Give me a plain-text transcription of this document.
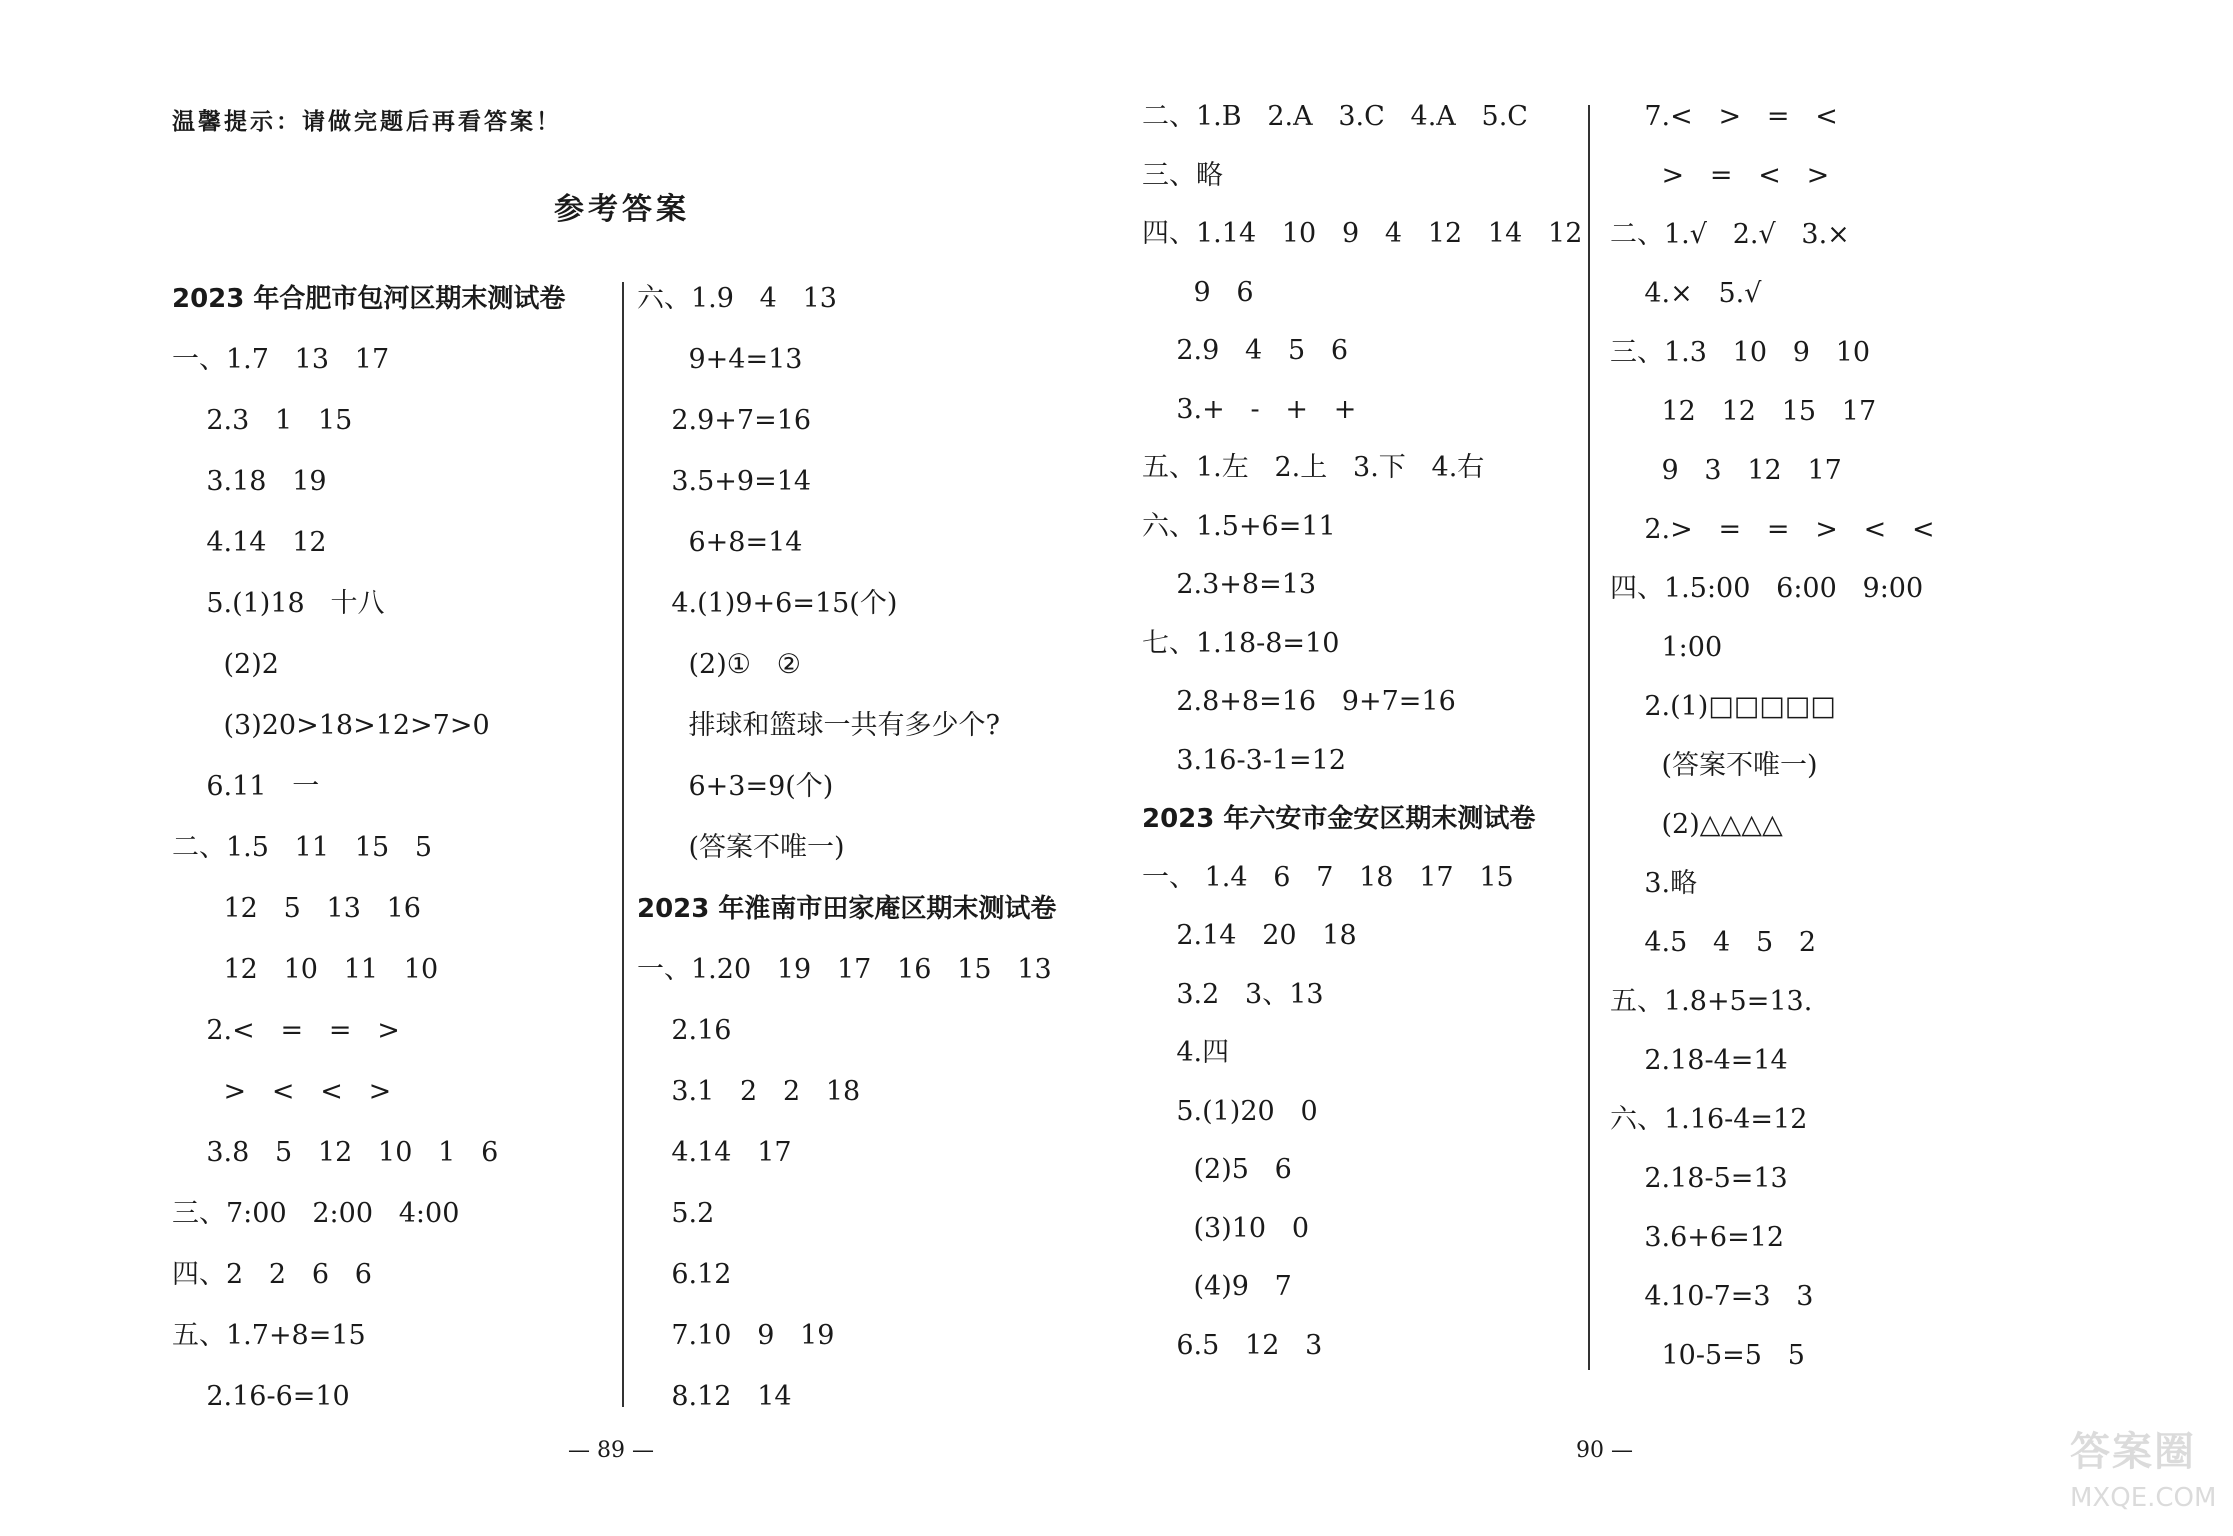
温馨提示：请做完题后再看答案！
参考答案
2023 年合肥市包河区期末测试卷
一、1.7   13   17
2.3   1   15
3.18   19
4.14   12
5.(1)18   十八
(2)2
(3)20>18>12>7>0
6.11   一
二、1.5   11   15   5
12   5   13   16
12   10   11   10
2.<   =   =   >
>   <   <   >
3.8   5   12   10   1   6
三、7:00   2:00   4:00
四、2   2   6   6
五、1.7+8=15
2.16-6=10
六、1.9   4   13
9+4=13
2.9+7=16
3.5+9=14
6+8=14
4.(1)9+6=15(个)
(2)①   ②
排球和篮球一共有多少个?
6+3=9(个)
(答案不唯一)
2023 年淮南市田家庵区期末测试卷
一、1.20   19   17   16   15   13
2.16
3.1   2   2   18
4.14   17
5.2
6.12
7.10   9   19
8.12   14
二、1.B   2.A   3.C   4.A   5.C
三、略
四、1.14   10   9   4   12   14   12
9   6
2.9   4   5   6
3.+   -   +   +
五、1.左   2.上   3.下   4.右
六、1.5+6=11
2.3+8=13
七、1.18-8=10
2.8+8=16   9+7=16
3.16-3-1=12
2023 年六安市金安区期末测试卷
一、 1.4   6   7   18   17   15
2.14   20   18
3.2   3、13
4.四
5.(1)20   0
(2)5   6
(3)10   0
(4)9   7
6.5   12   3
7.<   >   =   <
>   =   <   >
二、1.√   2.√   3.×
4.×   5.√
三、1.3   10   9   10
12   12   15   17
9   3   12   17
2.>   =   =   >   <   <
四、1.5:00   6:00   9:00
1:00
2.(1)□□□□□
(答案不唯一)
(2)△△△△
3.略
4.5   4   5   2
五、1.8+5=13.
2.18-4=14
六、1.16-4=12
2.18-5=13
3.6+6=12
4.10-7=3   3
10-5=5   5
— 89 —	90 —	答案圈
MXQE.COM
